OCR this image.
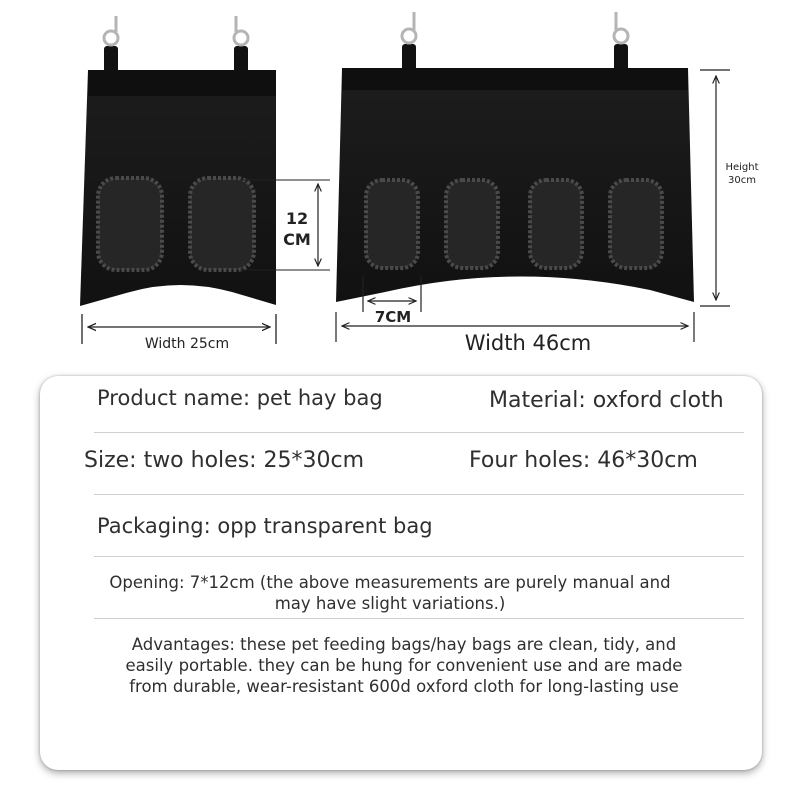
Width 25cm
12
CM
7CM
Width 46cm
Height
30cm
Product name: pet hay bag	Material: oxford cloth
Size: two holes: 25*30cm	Four holes: 46*30cm
Packaging: opp transparent bag
Opening: 7*12cm (the above measurements are purely manual and
may have slight variations.)
Advantages: these pet feeding bags/hay bags are clean, tidy, and
easily portable. they can be hung for convenient use and are made
from durable, wear-resistant 600d oxford cloth for long-lasting use
